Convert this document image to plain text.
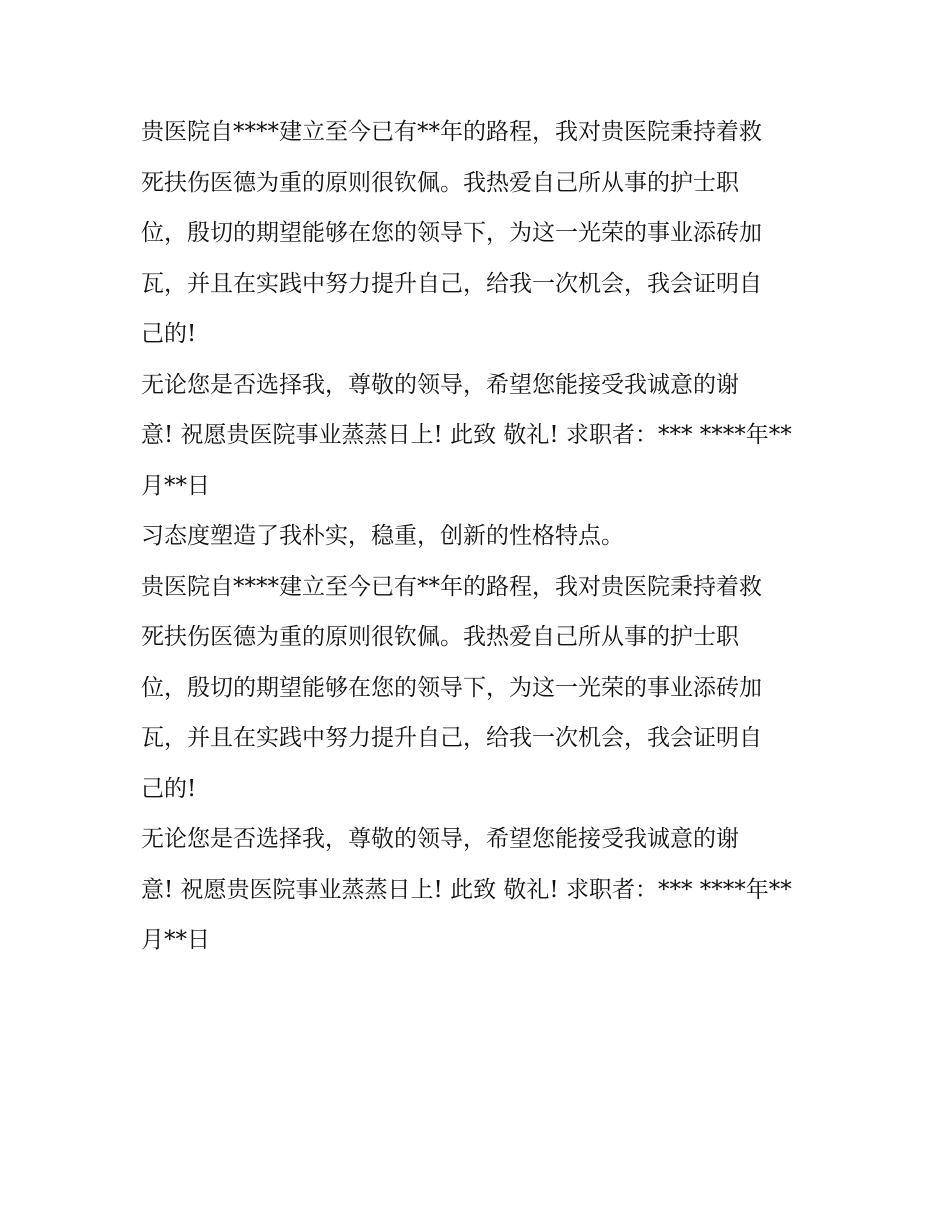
贵医院自****建立至今已有**年的路程，我对贵医院秉持着救
死扶伤医德为重的原则很钦佩。我热爱自己所从事的护士职
位，殷切的期望能够在您的领导下，为这一光荣的事业添砖加
瓦，并且在实践中努力提升自己，给我一次机会，我会证明自
己的!
无论您是否选择我，尊敬的领导，希望您能接受我诚意的谢
意! 祝愿贵医院事业蒸蒸日上! 此致 敬礼! 求职者：*** ****年**
月**日
习态度塑造了我朴实，稳重，创新的性格特点。
贵医院自****建立至今已有**年的路程，我对贵医院秉持着救
死扶伤医德为重的原则很钦佩。我热爱自己所从事的护士职
位，殷切的期望能够在您的领导下，为这一光荣的事业添砖加
瓦，并且在实践中努力提升自己，给我一次机会，我会证明自
己的!
无论您是否选择我，尊敬的领导，希望您能接受我诚意的谢
意! 祝愿贵医院事业蒸蒸日上! 此致 敬礼! 求职者：*** ****年**
月**日
